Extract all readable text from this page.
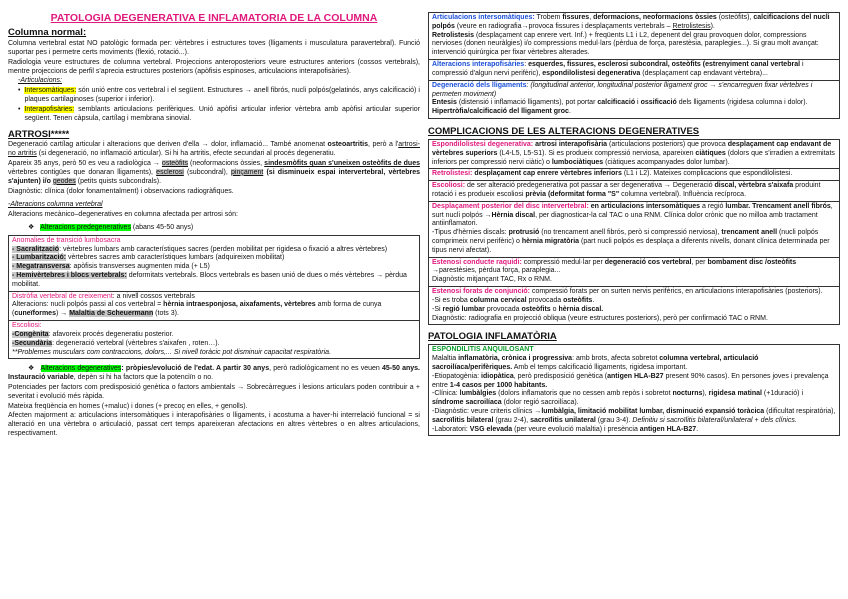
PATOLOGIA DEGENERATIVA E INFLAMATORIA DE LA COLUMNA
Columna normal:

Columna vertebral estat NO patològic formada per: vèrtebres i estructures toves (lligaments i musculatura paravertebral). Funció suportar pes i permetre certs moviments (flexió, rotació...).

Radiologia veure estructures de columna vertebral. Projeccions anteroposteriors veure estructures anteriors (cossos vertebrals), mentre projeccions de perfil s'aprecia estructures posteriors (apòfisis espinoses, articulacions interapofisàries).

-Articulacions:

• Intersomàtiques: són unió entre cos vertebral i el següent. Estructures → anell fibrós, nucli polpós(gelatinós, anys calcificació) i plaques cartilaginoses (superior i inferior).
• Interapofisàries: semblants articulacions perifèriques. Unió apòfisi articular inferior vèrtebra amb apòfisi articular superior següent. Tenen càpsula, cartílag i membrana sinovial.
ARTROSI*****

Degeneració cartílag articular i alteracions que deriven d'ella → dolor, inflamació... També anomenat osteoartritis, però a l'artrosi- no artritis (si degeneració, no inflamació articular). Si hi ha artritis, efecte secundari al procés degeneratiu.

Apareix 35 anys, però 50 es veu a radiològica → osteòfits (neoformacions òssies, sindesmòfits quan s'uneixen osteòfits de dues vèrtebres contigües que donaran lligaments), esclerosi (subcondral), pinçament (si disminueix espai intervertebral, vèrtebres s'ajunten) i/o geodes (petits quists subcondrals).

Diagnòstic: clínica (dolor fonamentalment) i observacions radiogràfiques.

-Alteracions columna vertebral

Alteracions mecànico–degeneratives en columna afectada per artrosi són:

❖ Alteracions predegeneratives (abans 45-50 anys)
Anomalies de transició lumbosacra
- Sacralització: vèrtebres lumbars amb característiques sacres (perden mobilitat per rigidesa o fixació a altres vèrtebres)
- Lumbarització: vèrtebres sacres amb característiques lumbars (adquireixen mobilitat)
- Megatransversa: apòfisis transverses augmenten mida (+ L5)
- Hemivèrtebres i blocs vertebrals: deformitats vertebrals. Blocs vertebrals es basen unió de dues o més vèrtebres → pèrdua mobilitat.
Distròfia vertebral de creixement: a nivell cossos vertebrals
Alteracions: nucli polpós passi al cos vertebral = hèrnia intraesponjosa, aixafaments, vèrtebres amb forma de cunya (cuneïformes) → Malaltia de Scheuermann (tots 3).
Escoliosi:
-Congènita: afavoreix procés degeneratiu posterior.
-Secundària: degeneració vertebral (vèrtebres s'aixafen , roten…).
**Problemes musculars com contraccions, dolors,... Si nivell toràcic pot disminuir capacitat respiratòria.

❖ Alteracions degeneratives: pròpies/evolució de l'edat. A partir 30 anys, però radiològicament no es veuen 45-50 anys. Instauració variable, depèn si hi ha factors que la potenciïn o no.

Potenciades per factors com predisposició genètica o factors ambientals → Sobrecàrregues i lesions articulars poden contribuir a + severitat i evolució més ràpida.

Mateixa freqüència en homes (+maluc) i dones (+ precoç en elles, + genolls).

Afecten majorment a: articulacions intersomàtiques i interapofisàries o lligaments, i acostuma a haver-hi interrelació funcional = si alteració en una vèrtebra o articulació, passat cert temps apareixeran afectacions en altres vèrtebres o en altres articulacions, respectivament.

Articulacions intersomàtiques: Trobem fissures, deformacions, neoformacions òssies (osteòfits), calcificacions del nucli polpós (veure en radiografia→provoca fissures i desplaçaments vertebrals – Retrolistesis).
Retrolistesis (desplaçament cap enrere vert. Inf.) + freqüents L1 i L2, depenent del grau provoquen dolor, compressions nervioses (donen neuràlgies) i/o compressions medul·lars (pèrdua de força, parestèsia, paraplegies...). Si grau molt avançat: intervenció quirúrgica per fixar vèrtebres alterades.
Alteracions interapofisàries: esquerdes, fissures, esclerosi subcondral, osteòfits (estrenyiment canal vertebral i compressió d'algun nervi perifèric), espondilolistesi degenerativa (desplaçament cap endavant vèrtebra)...
Degeneració dels lligaments: (longitudinal anterior, longitudinal posterior lligament groc → s'encarreguen fixar vèrtebres i permeten moviment)
Entesis (distensió i inflamació lligaments), pot portar calcificació i ossificació dels lligaments (rigidesa columna i dolor). Hipertròfia/calcificació del lligament groc.
COMPLICACIONS DE LES ALTERACIONS DEGENERATIVES
Espondilolistesi degenerativa: artrosi interapofisària (articulacions posteriors) que provoca desplaçament cap endavant de vèrtebres superiors (L4-L5, L5-S1). Si es produeix compressió nerviosa, apareixen ciàtiques (dolors que s'irradien a extremitats inferiors per compressió nervi ciàtic) o lumbociàtiques (ciàtiques acompanyades dolor lumbar).
Retrolistesi: desplaçament cap enrere vèrtebres inferiors (L1 i L2). Mateixes complicacions que espondilolistesi.
Escoliosi: de ser alteració predegenerativa pot passar a ser degenerativa → Degeneració discal, vèrtebra s'aixafa produint rotació i es produeix escoliosi prèvia (deformitat forma "S" columna vertebral). Influència recíproca.
Desplaçament posterior del disc intervertebral: en articulacions intersomàtiques a regió lumbar. Trencament anell fibrós, surt nucli polpós →Hèrnia discal, per diagnosticar-la cal TAC o una RNM. Clínica dolor crònic que no milloa amb tractament antiinflamatori.
-Tipus d'hèrnies discals: protrusió (no trencament anell fibrós, però si compressió nerviosa), trencament anell (nucli polpós comprimeix nervi perifèric) o hèrnia migratòria (part nucli polpós es desplaça a diferents nivells, donant clínica determinada per tipus nervi afectat).
Estenosi conducte raquidi: compressió medul·lar per degeneració cos vertebral, per bombament disc /osteòfits →parestèsies, pèrdua força, paraplegia...
Diagnòstic mitjançant TAC, Rx o RNM.
Estenosi forats de conjunció: compressió forats per on surten nervis perifèrics, en articulacions interapofisàries (posteriors).
-Si es troba columna cervical provocada osteòfits.
-Si regió lumbar provocada osteòfits o hèrnia discal.
Diagnòstic: radiografia en projecció obliqua (veure estructures posteriors), però per confirmació TAC o RNM.
PATOLOGIA INFLAMATÒRIA
ESPONDILITIS ANQUILOSANT
Malaltia inflamatòria, crònica i progressiva: amb brots, afecta sobretot columna vertebral, articulació sacroilíaca/perifèriques. Amb el temps calcificació lligaments, rigidesa important.
-Etiopatogènia: idiopàtica, però predisposició genètica (antigen HLA-B27 present 90% casos). En persones joves i prevalença entre 1-4 casos per 1000 habitants.
-Clínica: lumbàlgies (dolors inflamatoris que no cessen amb repòs i sobretot nocturns), rigidesa matinal (+1duració) i síndrome sacroilíaca (dolor regió sacroilíaca).
-Diagnòstic: veure criteris clínics →lumbàlgia, limitació mobilitat lumbar, disminució expansió toràcica (dificultat respiratòria), sacroïlitis bilateral (grau 2-4), sacroïlitis unilateral (grau 3-4). Definitiu si sacroïlitis bilateral/unilateral + dels clínics.
-Laboratori: VSG elevada (per veure evolució malaltia) i presència antigen HLA-B27.
